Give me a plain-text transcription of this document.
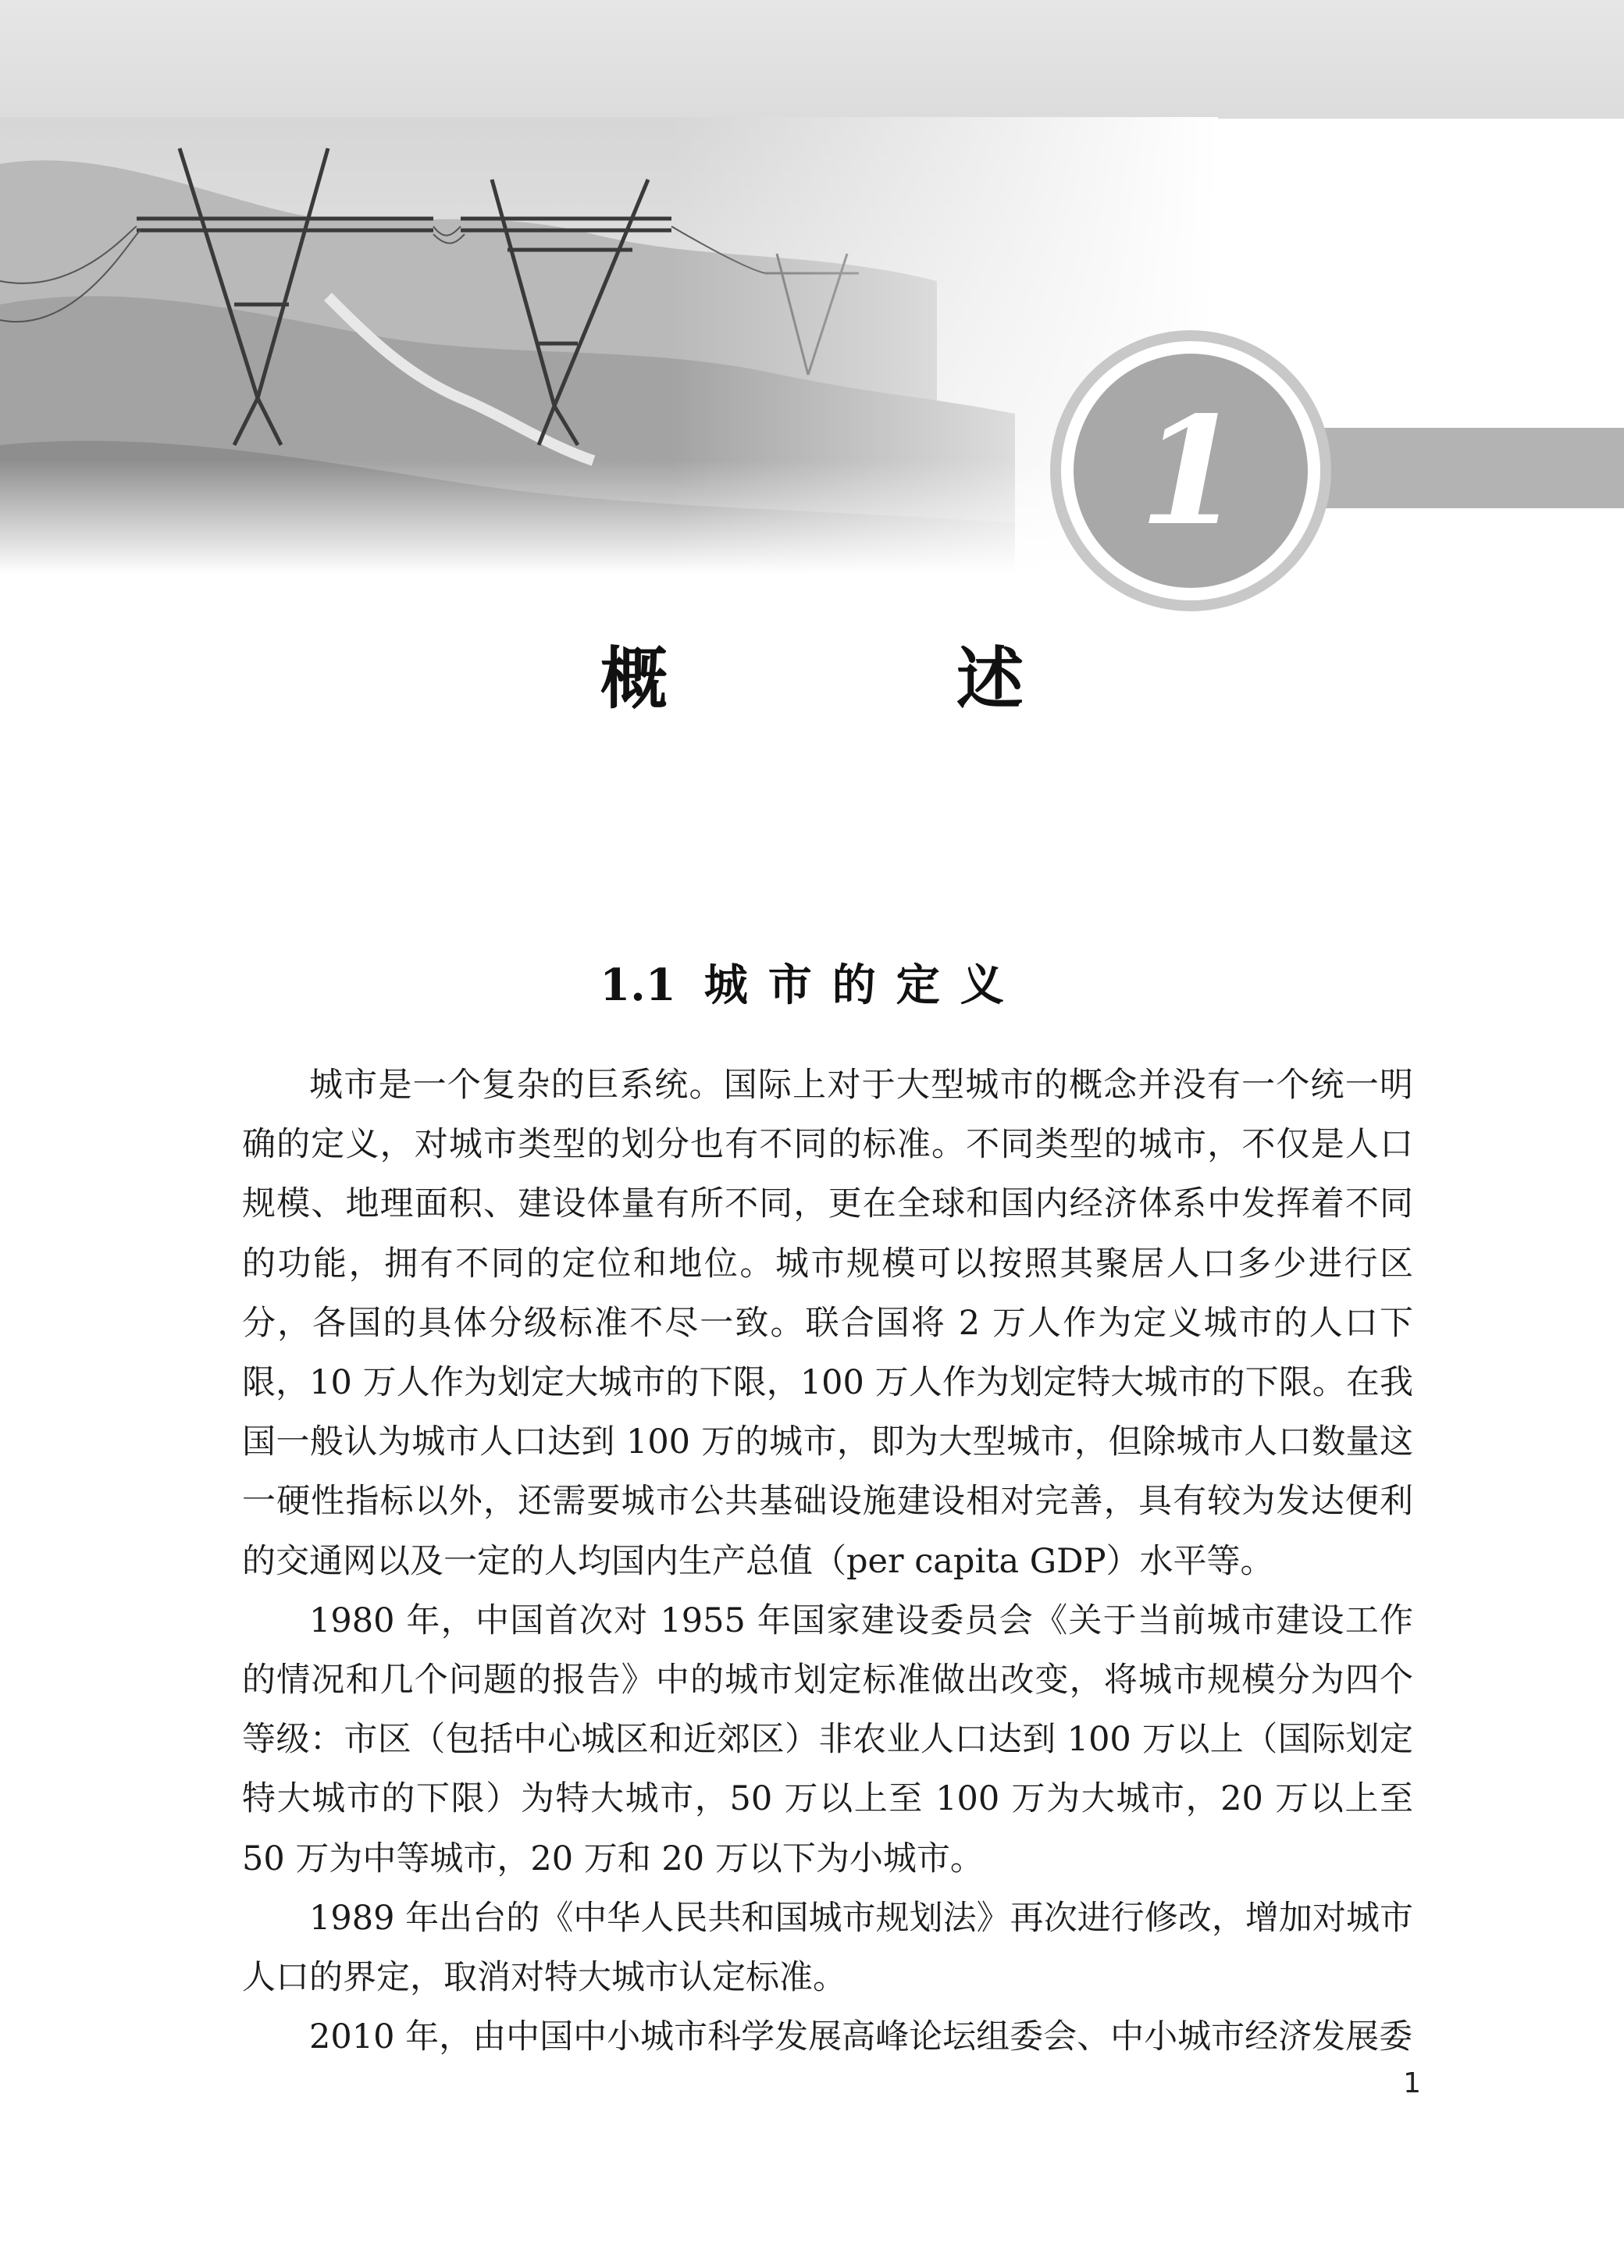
1
概 述
1.1 城市的定义

城市是一个复杂的巨系统。国际上对于大型城市的概念并没有一个统一明确的定义，对城市类型的划分也有不同的标准。不同类型的城市，不仅是人口规模、地理面积、建设体量有所不同，更在全球和国内经济体系中发挥着不同的功能，拥有不同的定位和地位。城市规模可以按照其聚居人口多少进行区分，各国的具体分级标准不尽一致。联合国将 2 万人作为定义城市的人口下限，10 万人作为划定大城市的下限，100 万人作为划定特大城市的下限。在我国一般认为城市人口达到 100 万的城市，即为大型城市，但除城市人口数量这一硬性指标以外，还需要城市公共基础设施建设相对完善，具有较为发达便利的交通网以及一定的人均国内生产总值（per capita GDP）水平等。

1980 年，中国首次对 1955 年国家建设委员会《关于当前城市建设工作的情况和几个问题的报告》中的城市划定标准做出改变，将城市规模分为四个等级：市区（包括中心城区和近郊区）非农业人口达到 100 万以上（国际划定特大城市的下限）为特大城市，50 万以上至 100 万为大城市，20 万以上至 50 万为中等城市，20 万和 20 万以下为小城市。

1989 年出台的《中华人民共和国城市规划法》再次进行修改，增加对城市人口的界定，取消对特大城市认定标准。

2010 年，由中国中小城市科学发展高峰论坛组委会、中小城市经济发展委

1
